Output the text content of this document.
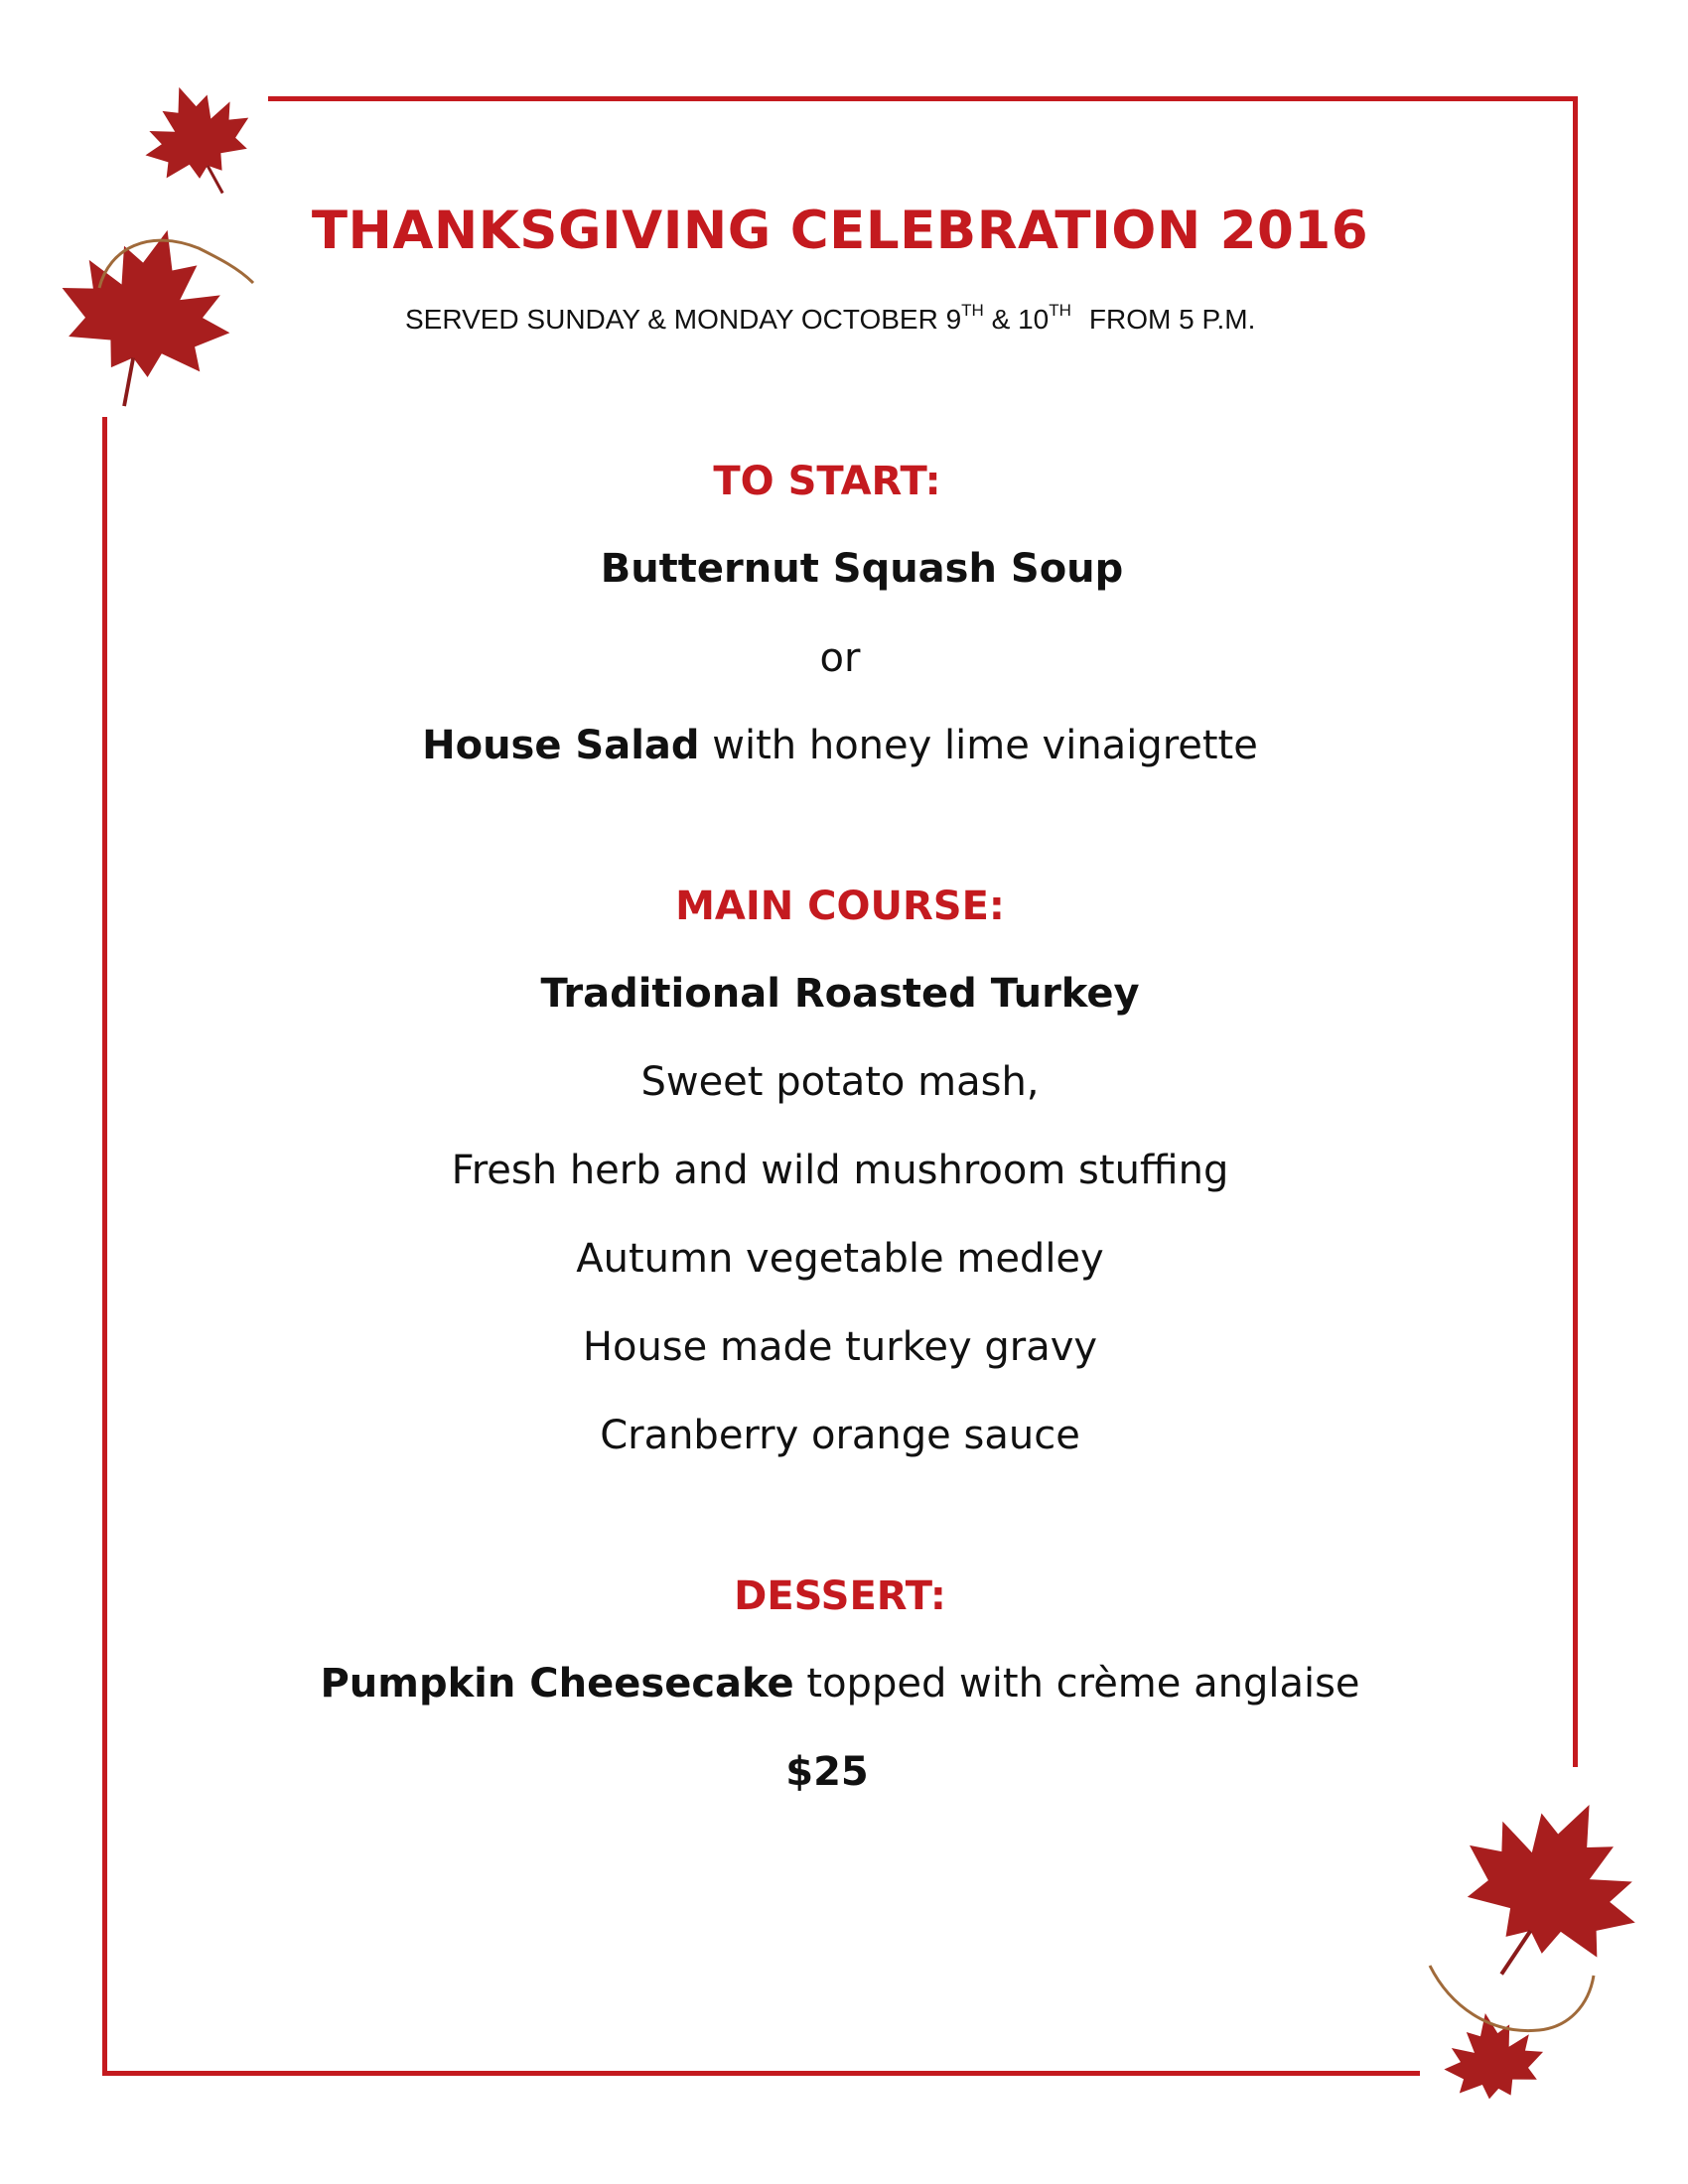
THANKSGIVING CELEBRATION 2016
SERVED SUNDAY & MONDAY OCTOBER 9TH & 10TH FROM 5 P.M.
TO START:
Butternut Squash Soup
or
House Salad with honey lime vinaigrette
MAIN COURSE:
Traditional Roasted Turkey
Sweet potato mash,
Fresh herb and wild mushroom stuffing
Autumn vegetable medley
House made turkey gravy
Cranberry orange sauce
DESSERT:
Pumpkin Cheesecake topped with crème anglaise
$25
